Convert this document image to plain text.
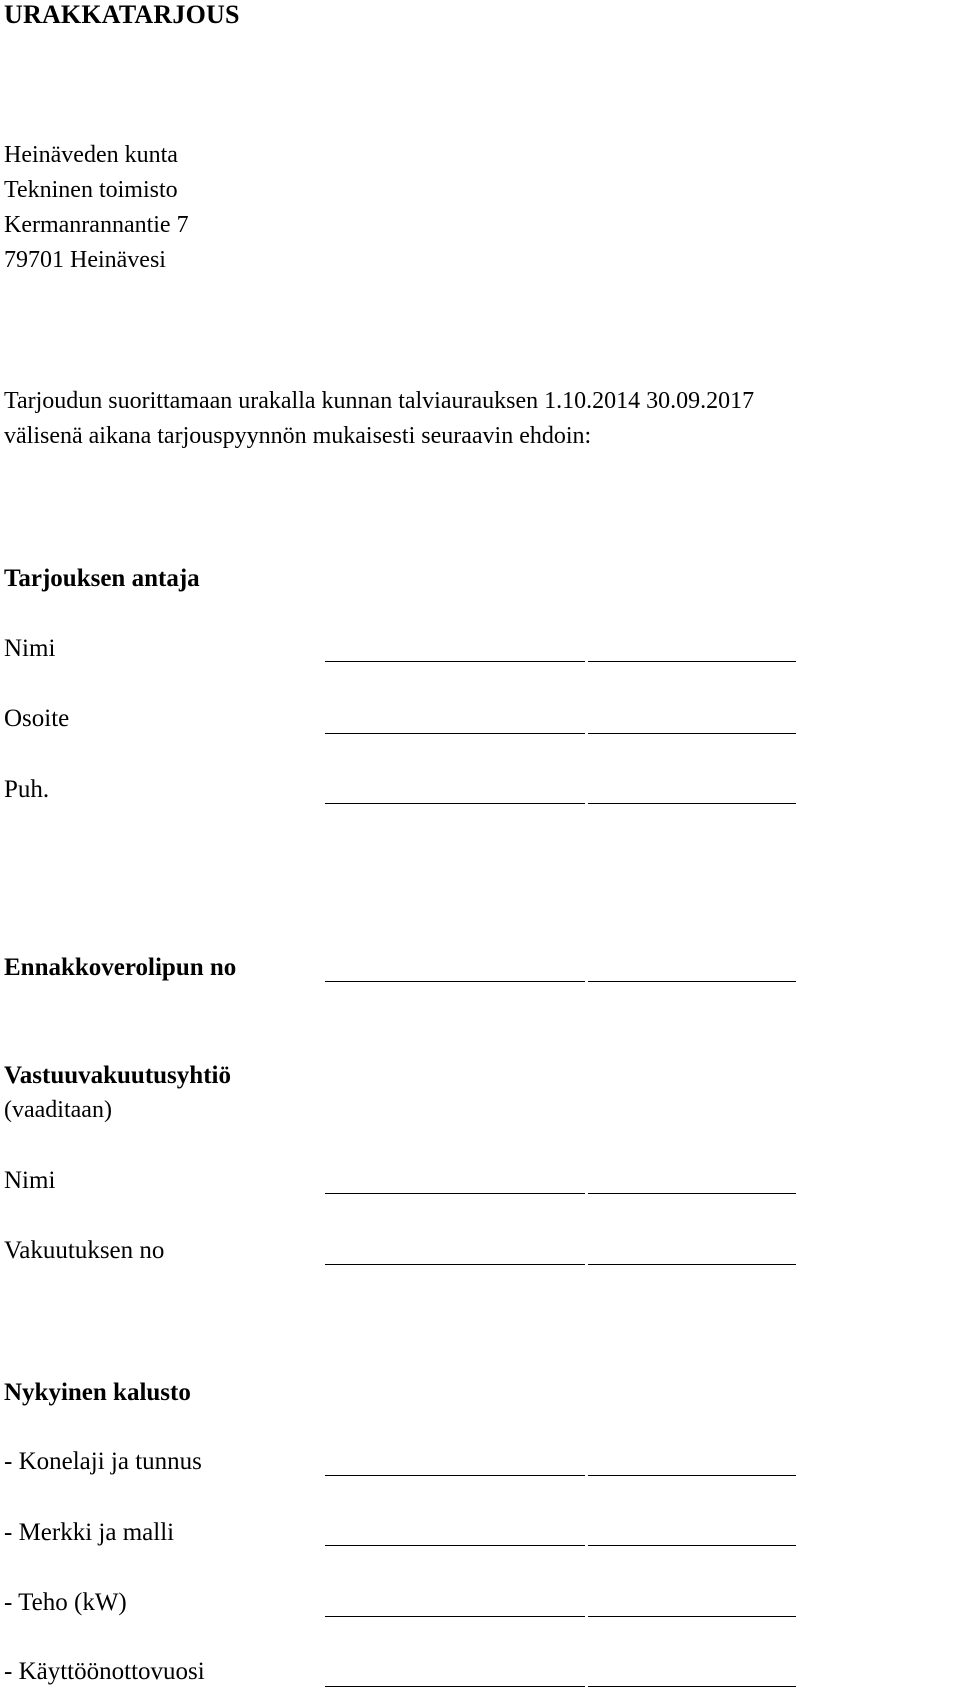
URAKKATARJOUS
Heinäveden kunta
Tekninen toimisto
Kermanrannantie 7
79701 Heinävesi
Tarjoudun suorittamaan urakalla kunnan talviaurauksen 1.10.2014 30.09.2017
välisenä aikana tarjouspyynnön mukaisesti seuraavin ehdoin:
Tarjouksen antaja
Nimi
Osoite
Puh.
Ennakkoverolipun no
Vastuuvakuutusyhtiö
(vaaditaan)
Nimi
Vakuutuksen no
Nykyinen kalusto
- Konelaji ja tunnus
- Merkki ja malli
- Teho (kW)
- Käyttöönottovuosi
